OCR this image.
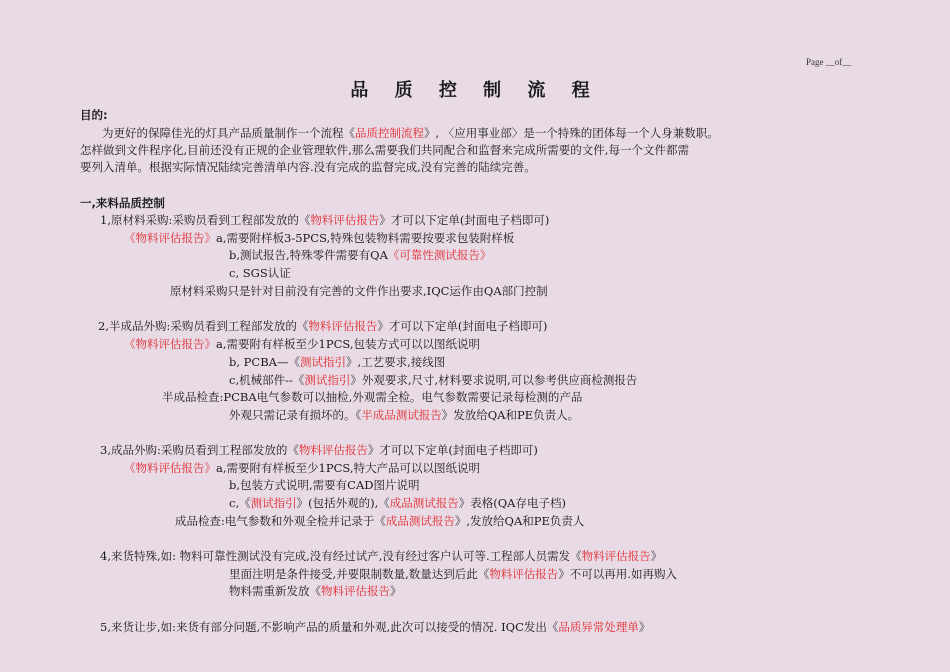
Page __of__
品 质 控 制 流 程
目的:
为更好的保障佳光的灯具产品质量制作一个流程《品质控制流程》, 〈应用事业部〉是一个特殊的团体每一个人身兼数职。
怎样做到文件程序化,目前还没有正规的企业管理软件,那么需要我们共同配合和监督来完成所需要的文件,每一个文件都需
要列入清单。根据实际情况陆续完善清单内容.没有完成的监督完成,没有完善的陆续完善。
一,来料品质控制
1,原材料采购:采购员看到工程部发放的《物料评估报告》才可以下定单(封面电子档即可)
《物料评估报告》a,需要附样板3-5PCS,特殊包装物料需要按要求包装附样板
b,测试报告,特殊零件需要有QA《可靠性测试报告》
c, SGS认证
原材料采购只是针对目前没有完善的文件作出要求,IQC运作由QA部门控制
2,半成品外购:采购员看到工程部发放的《物料评估报告》才可以下定单(封面电子档即可)
《物料评估报告》a,需要附有样板至少1PCS,包装方式可以以图纸说明
b, PCBA—《测试指引》,工艺要求,接线图
c,机械部件--《测试指引》外观要求,尺寸,材料要求说明,可以参考供应商检测报告
半成品检查:PCBA电气参数可以抽检,外观需全检。电气参数需要记录每检测的产品
外观只需记录有损坏的。《半成品测试报告》发放给QA和PE负责人。
3,成品外购:采购员看到工程部发放的《物料评估报告》才可以下定单(封面电子档即可)
《物料评估报告》a,需要附有样板至少1PCS,特大产品可以以图纸说明
b,包装方式说明,需要有CAD图片说明
c,《测试指引》(包括外观的),《成品测试报告》表格(QA存电子档)
成品检查:电气参数和外观全检并记录于《成品测试报告》,发放给QA和PE负责人
4,来货特殊,如: 物料可靠性测试没有完成,没有经过试产,没有经过客户认可等.工程部人员需发《物料评估报告》
里面注明是条件接受,并要限制数量,数量达到后此《物料评估报告》不可以再用.如再购入
物料需重新发放《物料评估报告》
5,来货让步,如:来货有部分问题,不影响产品的质量和外观,此次可以接受的情况. IQC发出《品质异常处理单》
